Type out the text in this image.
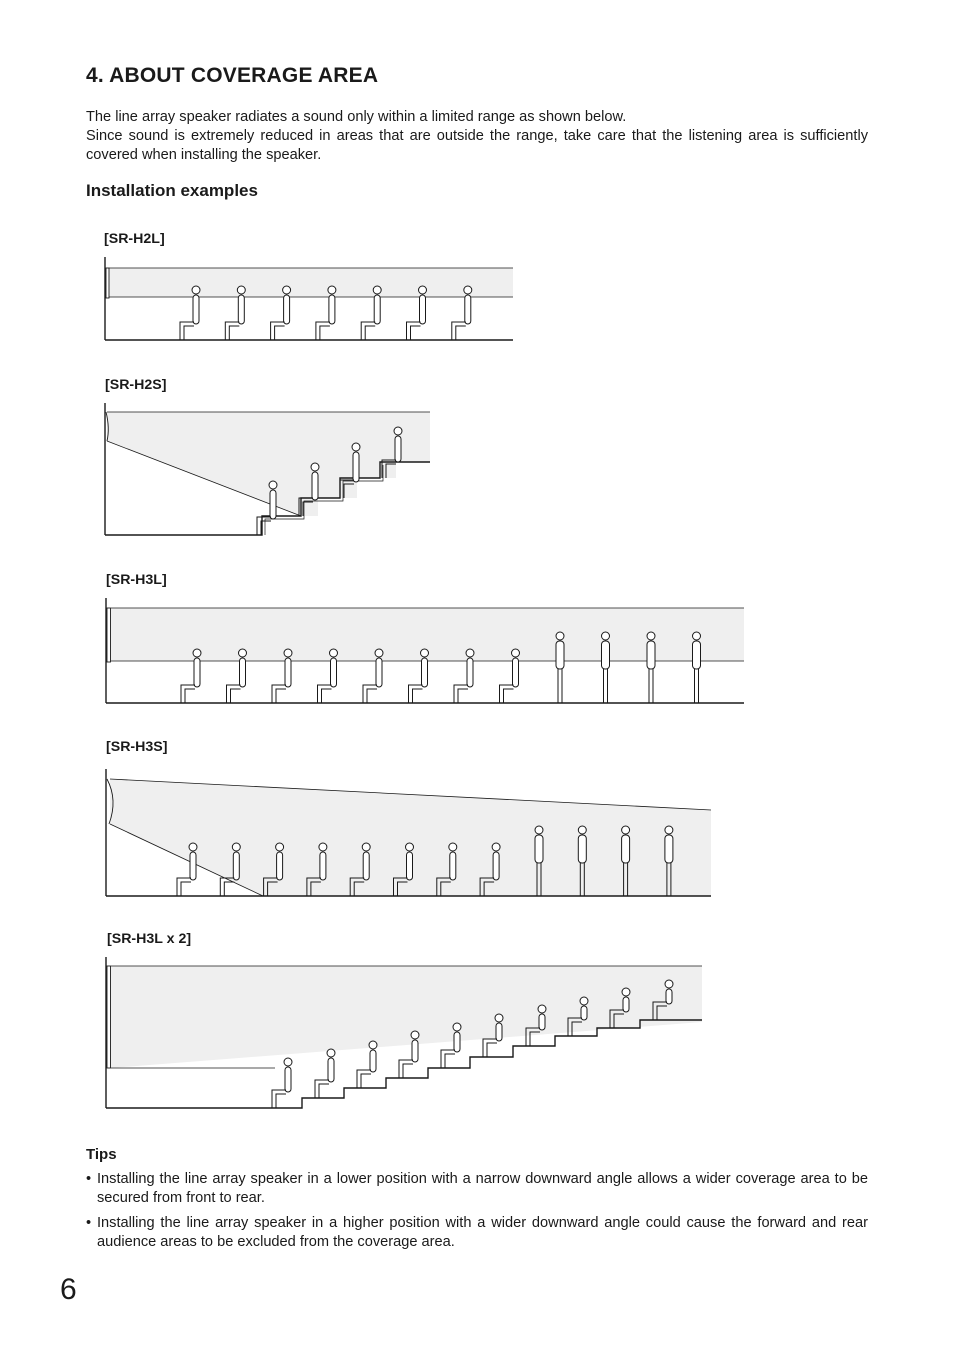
4. ABOUT COVERAGE AREA
The line array speaker radiates a sound only within a limited range as shown below.
Since sound is extremely reduced in areas that are outside the range, take care that the listening area is sufficiently covered when installing the speaker.
Installation examples
[SR-H2L]
[SR-H2S]
[SR-H3L]
[SR-H3S]
[SR-H3L x 2]
Tips
• Installing the line array speaker in a lower position with a narrow downward angle allows a wider coverage area to be secured from front to rear.
• Installing the line array speaker in a higher position with a wider downward angle could cause the forward and rear audience areas to be excluded from the coverage area.
6
